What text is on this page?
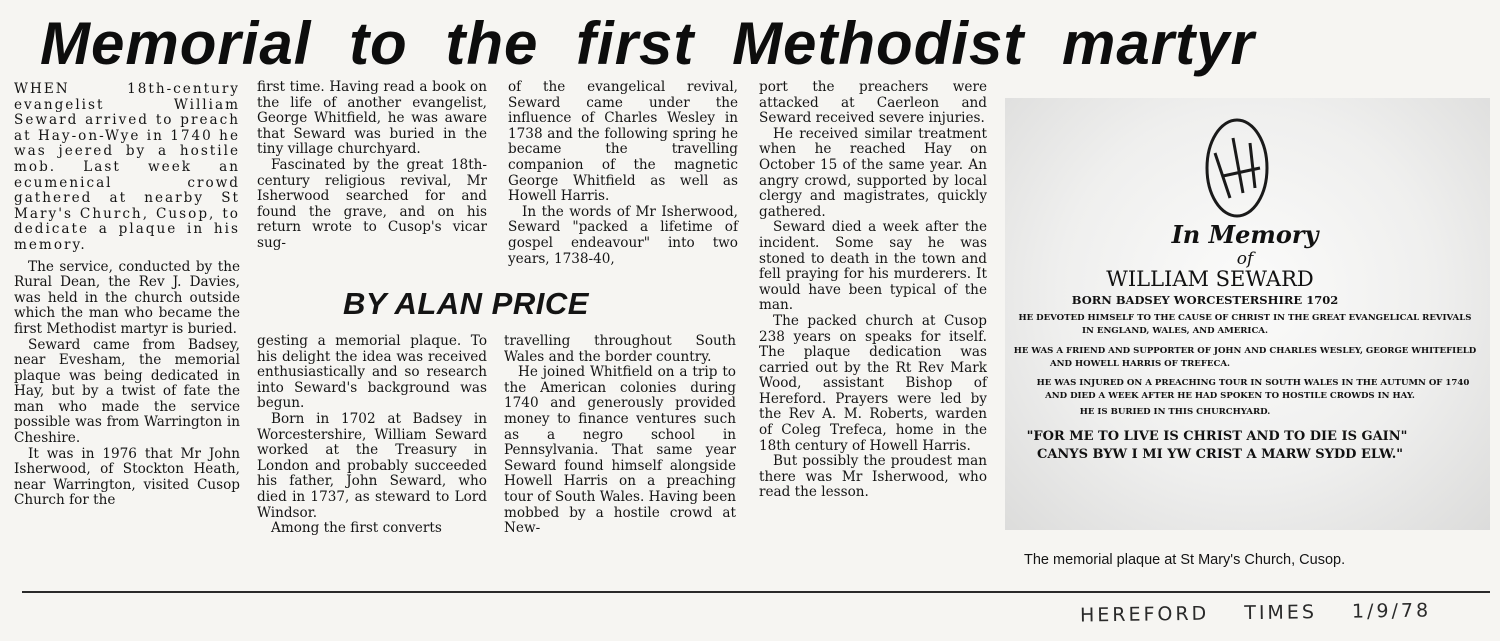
Memorial to the first Methodist martyr

WHEN 18th-century evangelist William Seward arrived to preach at Hay-on-Wye in 1740 he was jeered by a hostile mob. Last week an ecumenical crowd gathered at nearby St Mary's Church, Cusop, to dedicate a plaque in his memory.

The service, conducted by the Rural Dean, the Rev J. Davies, was held in the church outside which the man who became the first Methodist martyr is buried.

Seward came from Badsey, near Evesham, the memorial plaque was being dedicated in Hay, but by a twist of fate the man who made the service possible was from Warrington in Cheshire.

It was in 1976 that Mr John Isherwood, of Stockton Heath, near Warrington, visited Cusop Church for the

first time. Having read a book on the life of another evangelist, George Whitfield, he was aware that Seward was buried in the tiny village churchyard.

Fascinated by the great 18th-century religious revival, Mr Isherwood searched for and found the grave, and on his return wrote to Cusop's vicar sug-

of the evangelical revival, Seward came under the influence of Charles Wesley in 1738 and the following spring he became the travelling companion of the magnetic George Whitfield as well as Howell Harris.

In the words of Mr Isherwood, Seward "packed a lifetime of gospel endeavour" into two years, 1738-40,

BY ALAN PRICE

gesting a memorial plaque. To his delight the idea was received enthusiastically and so research into Seward's background was begun.

Born in 1702 at Badsey in Worcestershire, William Seward worked at the Treasury in London and probably succeeded his father, John Seward, who died in 1737, as steward to Lord Windsor.

Among the first converts

travelling throughout South Wales and the border country.

He joined Whitfield on a trip to the American colonies during 1740 and generously provided money to finance ventures such as a negro school in Pennsylvania. That same year Seward found himself alongside Howell Harris on a preaching tour of South Wales. Having been mobbed by a hostile crowd at New-

port the preachers were attacked at Caerleon and Seward received severe injuries.

He received similar treatment when he reached Hay on October 15 of the same year. An angry crowd, supported by local clergy and magistrates, quickly gathered.

Seward died a week after the incident. Some say he was stoned to death in the town and fell praying for his murderers. It would have been typical of the man.

The packed church at Cusop 238 years on speaks for itself. The plaque dedication was carried out by the Rt Rev Mark Wood, assistant Bishop of Hereford. Prayers were led by the Rev A. M. Roberts, warden of Coleg Trefeca, home in the 18th century of Howell Harris.

But possibly the proudest man there was Mr Isherwood, who read the lesson.

In Memory
of
WILLIAM SEWARD
BORN BADSEY WORCESTERSHIRE 1702
HE DEVOTED HIMSELF TO THE CAUSE OF CHRIST IN THE GREAT EVANGELICAL REVIVALS
IN ENGLAND, WALES, AND AMERICA.
HE WAS A FRIEND AND SUPPORTER OF JOHN AND CHARLES WESLEY, GEORGE WHITEFIELD
AND HOWELL HARRIS OF TREFECA.
HE WAS INJURED ON A PREACHING TOUR IN SOUTH WALES IN THE AUTUMN OF 1740
AND DIED A WEEK AFTER HE HAD SPOKEN TO HOSTILE CROWDS IN HAY.
HE IS BURIED IN THIS CHURCHYARD.
"FOR ME TO LIVE IS CHRIST AND TO DIE IS GAIN"
CANYS BYW I MI YW CRIST A MARW SYDD ELW."
The memorial plaque at St Mary's Church, Cusop.
HEREFORD TIMES 1/9/78
